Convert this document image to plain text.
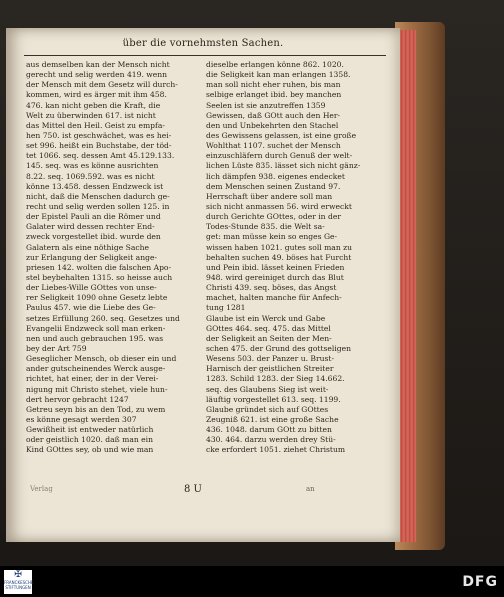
über die vornehmsten Sachen.
aus demselben kan der Mensch nicht
gerecht und selig werden 419. wenn
der Mensch mit dem Gesetz will durch-
kommen, wird es ärger mit ihm 458.
476. kan nicht geben die Kraft, die
Welt zu überwinden 617. ist nicht
das Mittel den Heil. Geist zu empfa-
hen 750. ist geschwächet, was es hei-
set 996. heißt ein Buchstabe, der töd-
tet 1066. seq. dessen Amt 45.129.133.
145. seq. was es könne ausrichten
8.22. seq. 1069.592. was es nicht
könne 13.458. dessen Endzweck ist
nicht, daß die Menschen dadurch ge-
recht und selig werden sollen 125. in
der Epistel Pauli an die Römer und
Galater wird dessen rechter End-
zweck vorgestellet ibid. wurde den
Galatern als eine nöthige Sache
zur Erlangung der Seligkeit ange-
priesen 142. wolten die falschen Apo-
stel beybehalten 1315. so heisse auch
der Liebes-Wille GOttes von unse-
rer Seligkeit 1090 ohne Gesetz lebte
Paulus 457. wie die Liebe des Ge-
setzes Erfüllung 260. seq. Gesetzes und
Evangelii Endzweck soll man erken-
nen und auch gebrauchen 195. was
bey der Art 759
Geseglicher Mensch, ob dieser ein und
ander gutscheinendes Werck ausge-
richtet, hat einer, der in der Verei-
nigung mit Christo stehet, viele hun-
dert hervor gebracht 1247
Getreu seyn bis an den Tod, zu wem
es könne gesagt werden 307
Gewißheit ist entweder natürlich
oder geistlich 1020. daß man ein
Kind GOttes sey, ob und wie man
dieselbe erlangen könne 862. 1020.
die Seligkeit kan man erlangen 1358.
man soll nicht eher ruhen, bis man
selbige erlanget ibid. bey manchen
Seelen ist sie anzutreffen 1359
Gewissen, daß GOtt auch den Her-
den und Unbekehrten den Stachel
des Gewissens gelassen, ist eine große
Wohlthat 1107. suchet der Mensch
einzuschläfern durch Genuß der welt-
lichen Lüste 835. lässet sich nicht gänz-
lich dämpfen 938. eigenes endecket
dem Menschen seinen Zustand 97.
Herrschaft über andere soll man
sich nicht anmassen 56. wird erweckt
durch Gerichte GOttes, oder in der
Todes-Stunde 835. die Welt sa-
get: man müsse kein so enges Ge-
wissen haben 1021. gutes soll man zu
behalten suchen 49. böses hat Furcht
und Pein ibid. lässet keinen Frieden
948. wird gereiniget durch das Blut
Christi 439. seq. böses, das Angst
machet, halten manche für Anfech-
tung 1281
Glaube ist ein Werck und Gabe
GOttes 464. seq. 475. das Mittel
der Seligkeit an Seiten der Men-
schen 475. der Grund des gottseligen
Wesens 503. der Panzer u. Brust-
Harnisch der geistlichen Streiter
1283. Schild 1283. der Sieg 14.662.
seq. des Glaubens Sieg ist weit-
läuftig vorgestellet 613. seq. 1199.
Glaube gründet sich auf GOttes
Zeugniß 621. ist eine große Sache
436. 1048. darum GOtt zu bitten
430. 464. darzu werden drey Stü-
cke erfordert 1051. ziehet Christum
Verlag	8 U	an
✠
FRANCKESCHE
STIFTUNGEN	DFG
